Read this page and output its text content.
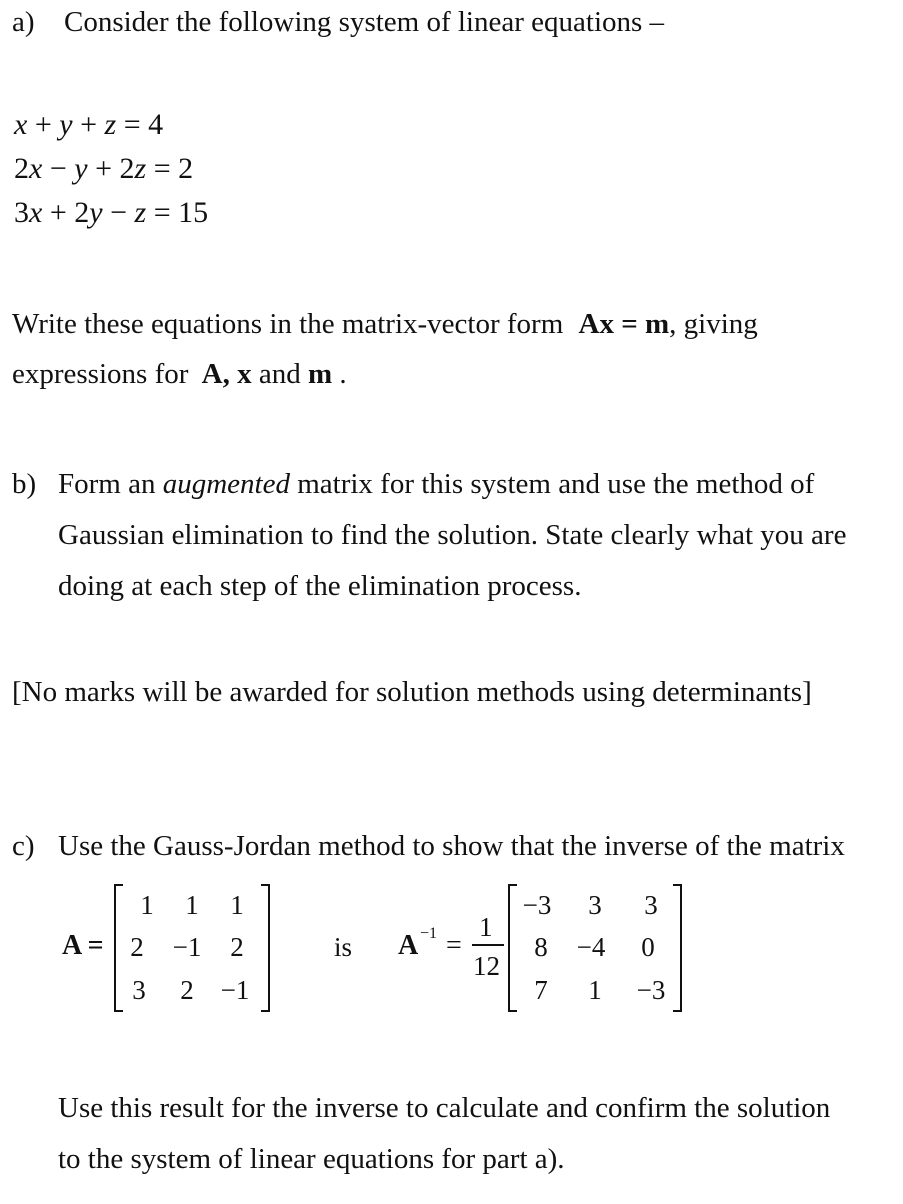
a) Consider the following system of linear equations –
x + y + z = 4
2x − y + 2z = 2
3x + 2y − z = 15
Write these equations in the matrix-vector form Ax = m, giving
expressions for A, x and m .
b) Form an augmented matrix for this system and use the method of
Gaussian elimination to find the solution. State clearly what you are
doing at each step of the elimination process.
[No marks will be awarded for solution methods using determinants]
c) Use the Gauss-Jordan method to show that the inverse of the matrix
A =
1	1	1
2	−1	2
3	2 −1
is A −1 =
1
12
−3	3	3
8	−4	0
7	1	−3
Use this result for the inverse to calculate and confirm the solution
to the system of linear equations for part a).
